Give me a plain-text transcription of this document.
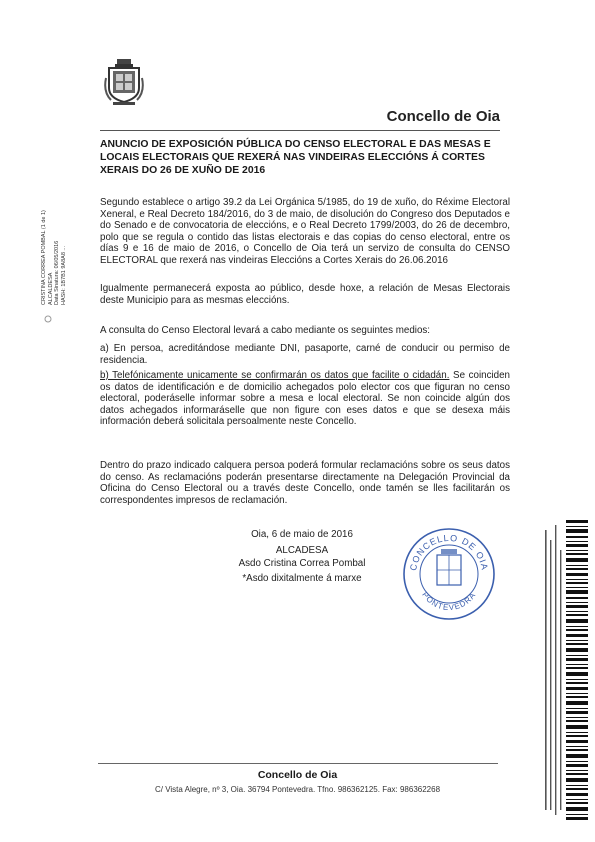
Concello de Oia
ANUNCIO DE EXPOSICIÓN PÚBLICA DO CENSO ELECTORAL E DAS MESAS E LOCAIS ELECTORAIS QUE REXERÁ NAS VINDEIRAS ELECCIÓNS Á CORTES XERAIS DO 26 DE XUÑO DE 2016
Segundo establece o artigo 39.2 da Lei Orgánica 5/1985, do 19 de xuño, do Réxime Electoral Xeneral, e Real Decreto 184/2016, do 3 de maio, de disolución do Congreso dos Deputados e do Senado e de convocatoria de eleccións, e o Real Decreto 1799/2003, do 26 de decembro, polo que se regula o contido das listas electorais e das copias do censo electoral, entre os días 9 e 16 de maio de 2016, o Concello de Oia terá un servizo de consulta do CENSO ELECTORAL que rexerá nas vindeiras Eleccións a Cortes Xerais do 26.06.2016
Igualmente permanecerá exposta ao público, desde hoxe, a relación de Mesas Electorais deste Municipio para as mesmas eleccións.
A consulta do Censo Electoral levará a cabo mediante os seguintes medios:
a) En persoa, acreditándose mediante DNI, pasaporte, carné de conducir ou permiso de residencia.
b) Telefónicamente unicamente se confirmarán os datos que facilite o cidadán. Se coinciden os datos de identificación e de domicilio achegados polo elector cos que figuran no censo electoral, poderáselle informar sobre a mesa e local electoral. Se non coincide algún dos datos achegados informaráselle que non figure con eses datos e que se desexa máis información deberá solicitala persoalmente neste Concello.
Dentro do prazo indicado calquera persoa poderá formular reclamacións sobre os seus datos do censo. As reclamacións poderán presentarse directamente na Delegación Provincial da Oficina do Censo Electoral ou a través deste Concello, onde tamén se lles facilitarán os correspondentes impresos de reclamación.
Oia, 6 de maio de 2016
ALCADESA
Asdo Cristina Correa Pombal
*Asdo dixitalmente á marxe
CONCELLO DE OIA
PONTEVEDRA
CRISTINA CORREA POMBAL (1 de 1) ALCALDESA Data Sinatura: 06/05/2016 HASH: 1B7B1 9A8A8 ...
Concello de Oia
C/ Vista Alegre, nº 3, Oia. 36794 Pontevedra. Tfno. 986362125. Fax: 986362268
